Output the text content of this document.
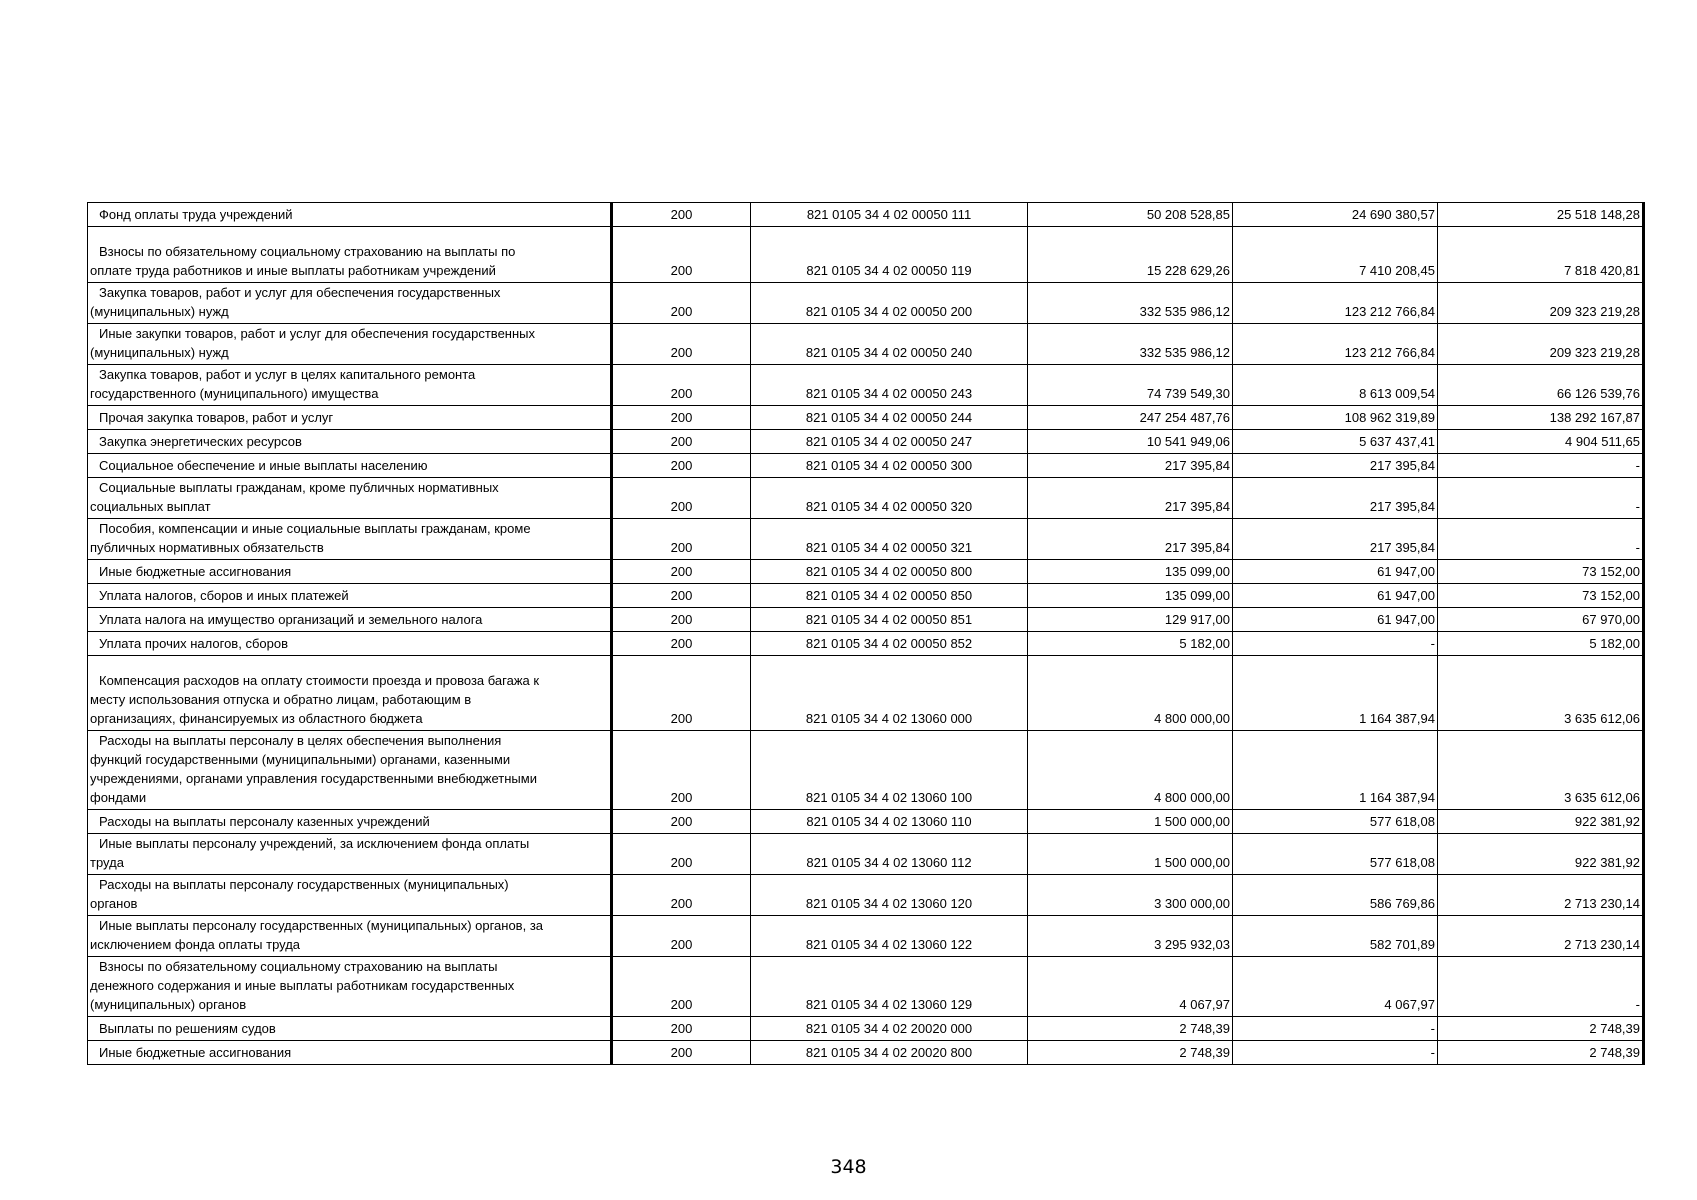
Фонд оплаты труда учреждений	200	821 0105 34 4 02 00050 111	50 208 528,85	24 690 380,57	25 518 148,28

Взносы по обязательному социальному страхованию на выплаты по
оплате труда работников и иные выплаты работникам учреждений	200	821 0105 34 4 02 00050 119	15 228 629,26	7 410 208,45	7 818 420,81

Закупка товаров, работ и услуг для обеспечения государственных
(муниципальных) нужд	200	821 0105 34 4 02 00050 200	332 535 986,12	123 212 766,84	209 323 219,28

Иные закупки товаров, работ и услуг для обеспечения государственных
(муниципальных) нужд	200	821 0105 34 4 02 00050 240	332 535 986,12	123 212 766,84	209 323 219,28

Закупка товаров, работ и услуг в целях капитального ремонта
государственного (муниципального) имущества	200	821 0105 34 4 02 00050 243	74 739 549,30	8 613 009,54	66 126 539,76

Прочая закупка товаров, работ и услуг	200	821 0105 34 4 02 00050 244	247 254 487,76	108 962 319,89	138 292 167,87

Закупка энергетических ресурсов	200	821 0105 34 4 02 00050 247	10 541 949,06	5 637 437,41	4 904 511,65

Социальное обеспечение и иные выплаты населению	200	821 0105 34 4 02 00050 300	217 395,84	217 395,84	-

Социальные выплаты гражданам, кроме публичных нормативных
социальных выплат	200	821 0105 34 4 02 00050 320	217 395,84	217 395,84	-

Пособия, компенсации и иные социальные выплаты гражданам, кроме
публичных нормативных обязательств	200	821 0105 34 4 02 00050 321	217 395,84	217 395,84	-

Иные бюджетные ассигнования	200	821 0105 34 4 02 00050 800	135 099,00	61 947,00	73 152,00

Уплата налогов, сборов и иных платежей	200	821 0105 34 4 02 00050 850	135 099,00	61 947,00	73 152,00

Уплата налога на имущество организаций и земельного налога	200	821 0105 34 4 02 00050 851	129 917,00	61 947,00	67 970,00

Уплата прочих налогов, сборов	200	821 0105 34 4 02 00050 852	5 182,00	-	5 182,00

Компенсация расходов на оплату стоимости проезда и провоза багажа к
месту использования отпуска и обратно лицам, работающим в
организациях, финансируемых из областного бюджета	200	821 0105 34 4 02 13060 000	4 800 000,00	1 164 387,94	3 635 612,06

Расходы на выплаты персоналу в целях обеспечения выполнения
функций государственными (муниципальными) органами, казенными
учреждениями, органами управления государственными внебюджетными
фондами	200	821 0105 34 4 02 13060 100	4 800 000,00	1 164 387,94	3 635 612,06

Расходы на выплаты персоналу казенных учреждений	200	821 0105 34 4 02 13060 110	1 500 000,00	577 618,08	922 381,92

Иные выплаты персоналу учреждений, за исключением фонда оплаты
труда	200	821 0105 34 4 02 13060 112	1 500 000,00	577 618,08	922 381,92

Расходы на выплаты персоналу государственных (муниципальных)
органов	200	821 0105 34 4 02 13060 120	3 300 000,00	586 769,86	2 713 230,14

Иные выплаты персоналу государственных (муниципальных) органов, за
исключением фонда оплаты труда	200	821 0105 34 4 02 13060 122	3 295 932,03	582 701,89	2 713 230,14

Взносы по обязательному социальному страхованию на выплаты
денежного содержания и иные выплаты работникам государственных
(муниципальных) органов	200	821 0105 34 4 02 13060 129	4 067,97	4 067,97	-

Выплаты по решениям судов	200	821 0105 34 4 02 20020 000	2 748,39	-	2 748,39

Иные бюджетные ассигнования	200	821 0105 34 4 02 20020 800	2 748,39	-	2 748,39
348
